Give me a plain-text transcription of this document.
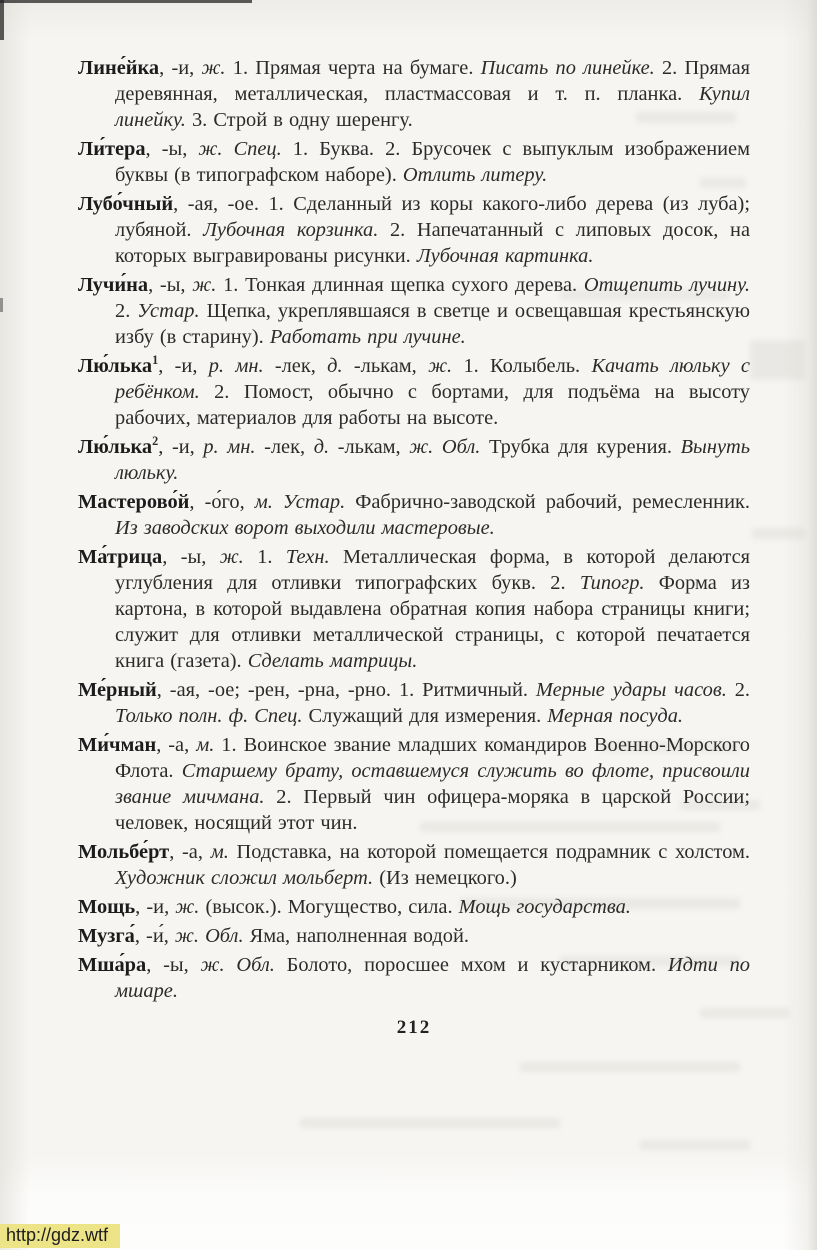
Лине́йка, -и, ж. 1. Прямая черта на бумаге. Писать по линейке. 2. Прямая деревянная, металлическая, пластмассовая и т. п. планка. Купил линейку. 3. Строй в одну шеренгу.

Ли́тера, -ы, ж. Спец. 1. Буква. 2. Брусочек с выпуклым изображением буквы (в типографском наборе). Отлить литеру.

Лубо́чный, -ая, -ое. 1. Сделанный из коры какого-либо дерева (из луба); лубяной. Лубочная корзинка. 2. Напечатанный с липовых досок, на которых выгравированы рисунки. Лубочная картинка.

Лучи́на, -ы, ж. 1. Тонкая длинная щепка сухого дерева. Отщепить лучину. 2. Устар. Щепка, укреплявшаяся в светце и освещавшая крестьянскую избу (в старину). Работать при лучине.

Лю́лька$^1$, -и, р. мн. -лек, д. -лькам, ж. 1. Колыбель. Качать люльку с ребёнком. 2. Помост, обычно с бортами, для подъёма на высоту рабочих, материалов для работы на высоте.

Лю́лька$^2$, -и, р. мн. -лек, д. -лькам, ж. Обл. Трубка для курения. Вынуть люльку.

Мастерово́й, -о́го, м. Устар. Фабрично-заводской рабочий, ремесленник. Из заводских ворот выходили мастеровые.

Ма́трица, -ы, ж. 1. Техн. Металлическая форма, в которой делаются углубления для отливки типографских букв. 2. Типогр. Форма из картона, в которой выдавлена обратная копия набора страницы книги; служит для отливки металлической страницы, с которой печатается книга (газета). Сделать матрицы.

Ме́рный, -ая, -ое; -рен, -рна, -рно. 1. Ритмичный. Мерные удары часов. 2. Только полн. ф. Спец. Служащий для измерения. Мерная посуда.

Ми́чман, -а, м. 1. Воинское звание младших командиров Военно-Морского Флота. Старшему брату, оставшемуся служить во флоте, присвоили звание мичмана. 2. Первый чин офицера-моряка в царской России; человек, носящий этот чин.

Мольбе́рт, -а, м. Подставка, на которой помещается подрамник с холстом. Художник сложил мольберт. (Из немецкого.)

Мощь, -и, ж. (высок.). Могущество, сила. Мощь государства.

Музга́, -и́, ж. Обл. Яма, наполненная водой.

Мша́ра, -ы, ж. Обл. Болото, поросшее мхом и кустарником. Идти по мшаре.

212
http://gdz.wtf
